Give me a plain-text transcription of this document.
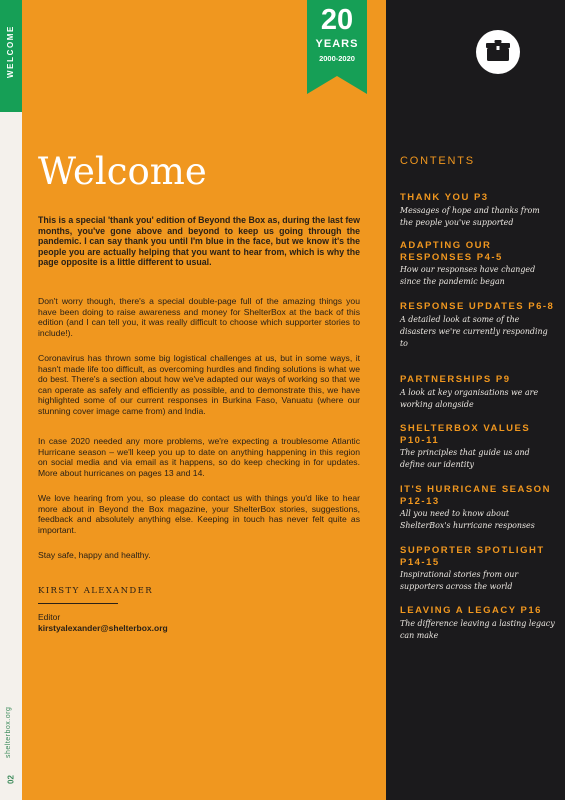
WELCOME
shelterbox.org
02
20
YEARS
2000-2020
Welcome
This is a special 'thank you' edition of Beyond the Box as, during the last few months, you've gone above and beyond to keep us going through the pandemic. I can say thank you until I'm blue in the face, but we know it's the people you are actually helping that you want to hear from, which is why the page opposite is a little different to usual.
Don't worry though, there's a special double-page full of the amazing things you have been doing to raise awareness and money for ShelterBox at the back of this edition (and I can tell you, it was really difficult to choose which supporter stories to include!).
Coronavirus has thrown some big logistical challenges at us, but in some ways, it hasn't made life too difficult, as overcoming hurdles and finding solutions is what we do best. There's a section about how we've adapted our ways of working so that we can operate as safely and efficiently as possible, and to demonstrate this, we have highlighted some of our current responses in Burkina Faso, Vanuatu (where our stunning cover image came from) and India.
In case 2020 needed any more problems, we're expecting a troublesome Atlantic Hurricane season – we'll keep you up to date on anything happening in this region on social media and via email as it happens, so do keep checking in for updates. More about hurricanes on pages 13 and 14.
We love hearing from you, so please do contact us with things you'd like to hear more about in Beyond the Box magazine, your ShelterBox stories, suggestions, feedback and absolutely anything else. Keeping in touch has never felt quite as important.
Stay safe, happy and healthy.
KIRSTY ALEXANDER
Editor
kirstyalexander@shelterbox.org
CONTENTS
THANK YOU P3
Messages of hope and thanks from the people you've supported
ADAPTING OUR RESPONSES P4-5
How our responses have changed since the pandemic began
RESPONSE UPDATES P6-8
A detailed look at some of the disasters we're currently responding to
PARTNERSHIPS P9
A look at key organisations we are working alongside
SHELTERBOX VALUES P10-11
The principles that guide us and define our identity
IT'S HURRICANE SEASON P12-13
All you need to know about ShelterBox's hurricane responses
SUPPORTER SPOTLIGHT P14-15
Inspirational stories from our supporters across the world
LEAVING A LEGACY P16
The difference leaving a lasting legacy can make
